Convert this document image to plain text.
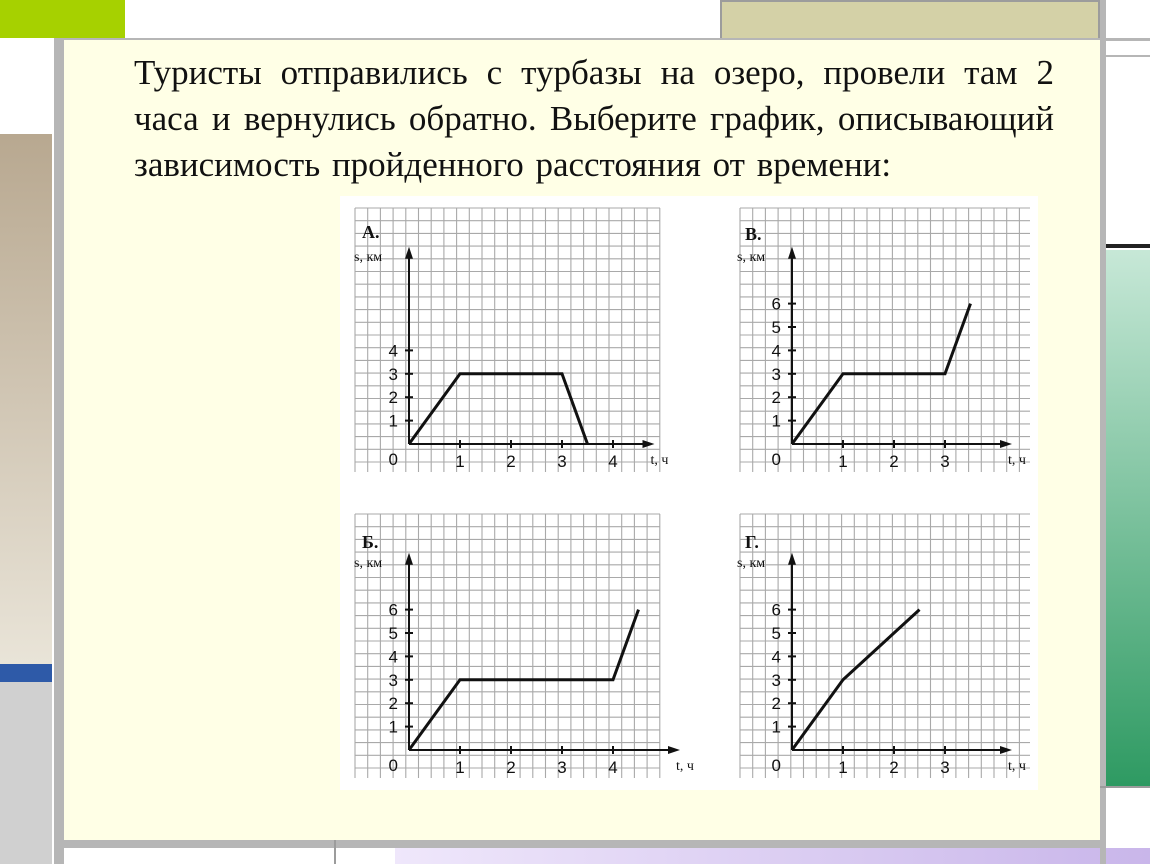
Туристы отправились с турбазы на озеро, провели там 2 часа и вернулись обратно. Выберите график, описывающий зависимость пройденного расстояния от времени:

1 2 3 4
1
2
3
4
0
s, км
t, ч
А.
1 2 3
1
2
3
4
5
6
0
s, км
t, ч
В.
1 2 3 4
1
2
3
4
5
6
0
s, км
t, ч
Б.
1 2 3
1
2
3
4
5
6
0
s, км
t, ч
Г.
